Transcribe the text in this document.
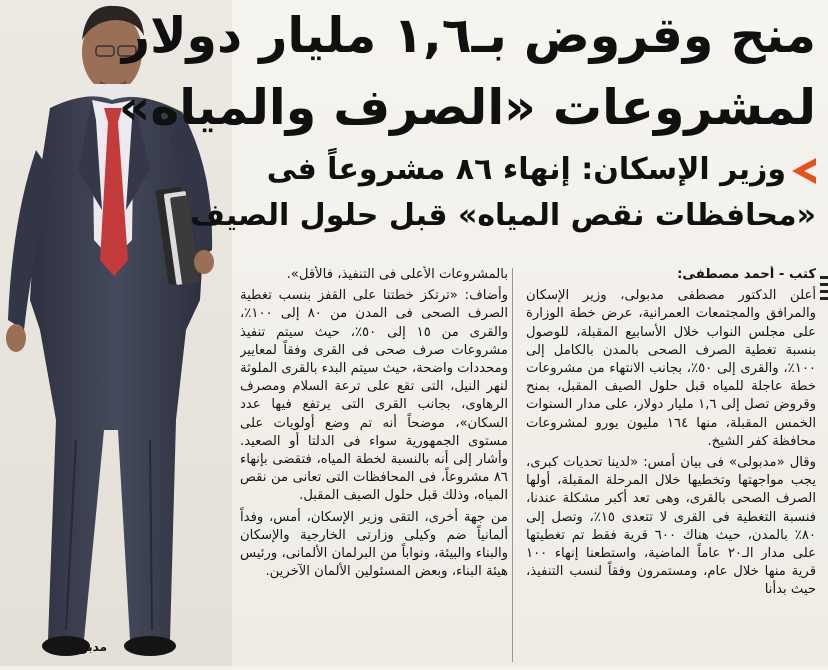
مدبولى
منح وقروض بـ١,٦ مليار دولار
لمشروعات «الصرف والمياه»
وزير الإسكان: إنهاء ٨٦ مشروعاً فى
«محافظات نقص المياه» قبل حلول الصيف

كتب - أحمد مصطفى:

أعلن الدكتور مصطفى مدبولى، وزير الإسكان والمرافق والمجتمعات العمرانية، عرض خطة الوزارة على مجلس النواب خلال الأسابيع المقبلة، للوصول بنسبة تغطية الصرف الصحى بالمدن بالكامل إلى ١٠٠٪، والقرى إلى ٥٠٪، بجانب الانتهاء من مشروعات خطة عاجلة للمياه قبل حلول الصيف المقبل، بمنح وقروض تصل إلى ١,٦ مليار دولار، على مدار السنوات الخمس المقبلة، منها ١٦٤ مليون يورو لمشروعات محافظة كفر الشيخ.

وقال «مدبولى» فى بيان أمس: «لدينا تحديات كبرى، يجب مواجهتها وتخطيها خلال المرحلة المقبلة، أولها الصرف الصحى بالقرى، وهى تعد أكبر مشكلة عندنا، فنسبة التغطية فى القرى لا تتعدى ١٥٪، وتصل إلى ٨٠٪ بالمدن، حيث هناك ٦٠٠ قرية فقط تم تغطيتها على مدار الـ٢٠ عاماً الماضية، واستطعنا إنهاء ١٠٠ قرية منها خلال عام، ومستمرون وفقاً لنسب التنفيذ، حيث بدأنا

بالمشروعات الأعلى فى التنفيذ، فالأقل».

وأضاف: «ترتكز خطتنا على القفز بنسب تغطية الصرف الصحى فى المدن من ٨٠ إلى ١٠٠٪، والقرى من ١٥ إلى ٥٠٪، حيث سيتم تنفيذ مشروعات صرف صحى فى القرى وفقاً لمعايير ومحددات واضحة، حيث سيتم البدء بالقرى الملوثة لنهر النيل، التى تقع على ترعة السلام ومصرف الرهاوى، بجانب القرى التى يرتفع فيها عدد السكان»، موضحاً أنه تم وضع أولويات على مستوى الجمهورية سواء فى الدلتا أو الصعيد. وأشار إلى أنه بالنسبة لخطة المياه، فتقضى بإنهاء ٨٦ مشروعاً، فى المحافظات التى تعانى من نقص المياه، وذلك قبل حلول الصيف المقبل.

من جهة أخرى، التقى وزير الإسكان، أمس، وفداً ألمانياً ضم وكيلى وزارتى الخارجية والإسكان والبناء والبيئة، ونواباً من البرلمان الألمانى، ورئيس هيئة البناء، وبعض المسئولين الألمان الآخرين.
